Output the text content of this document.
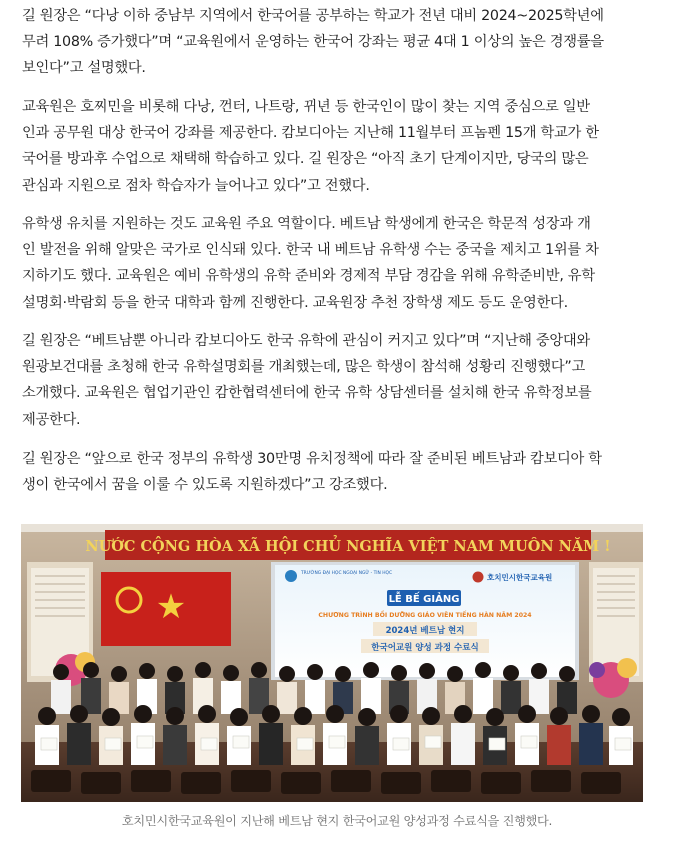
길 원장은 “다낭 이하 중남부 지역에서 한국어를 공부하는 학교가 전년 대비 2024~2025학년에
무려 108% 증가했다”며 “교육원에서 운영하는 한국어 강좌는 평균 4대 1 이상의 높은 경쟁률을
보인다”고 설명했다.

교육원은 호찌민을 비롯해 다낭, 껀터, 나트랑, 뀌년 등 한국인이 많이 찾는 지역 중심으로 일반
인과 공무원 대상 한국어 강좌를 제공한다. 캄보디아는 지난해 11월부터 프놈펜 15개 학교가 한
국어를 방과후 수업으로 채택해 학습하고 있다. 길 원장은 “아직 초기 단계이지만, 당국의 많은
관심과 지원으로 점차 학습자가 늘어나고 있다”고 전했다.

유학생 유치를 지원하는 것도 교육원 주요 역할이다. 베트남 학생에게 한국은 학문적 성장과 개
인 발전을 위해 알맞은 국가로 인식돼 있다. 한국 내 베트남 유학생 수는 중국을 제치고 1위를 차
지하기도 했다. 교육원은 예비 유학생의 유학 준비와 경제적 부담 경감을 위해 유학준비반, 유학
설명회·박람회 등을 한국 대학과 함께 진행한다. 교육원장 추천 장학생 제도 등도 운영한다.

길 원장은 “베트남뿐 아니라 캄보디아도 한국 유학에 관심이 커지고 있다”며 “지난해 중앙대와
원광보건대를 초청해 한국 유학설명회를 개최했는데, 많은 학생이 참석해 성황리 진행했다”고
소개했다. 교육원은 협업기관인 캄한협력센터에 한국 유학 상담센터를 설치해 한국 유학정보를
제공한다.

길 원장은 “앞으로 한국 정부의 유학생 30만명 유치정책에 따라 잘 준비된 베트남과 캄보디아 학
생이 한국에서 꿈을 이룰 수 있도록 지원하겠다”고 강조했다.

NƯỚC CỘNG HÒA XÃ HỘI CHỦ NGHĨA VIỆT NAM MUÔN NĂM !
★
TRƯỜNG ĐẠI HỌC NGOẠI NGỮ - TIN HỌC	호치민시한국교육원
LỄ BẾ GIẢNG
CHƯƠNG TRÌNH BỒI DƯỠNG GIÁO VIÊN TIẾNG HÀN NĂM 2024
2024년 베트남 현지
한국어교원 양성 과정 수료식
호치민시한국교육원이 지난해 베트남 현지 한국어교원 양성과정 수료식을 진행했다.
